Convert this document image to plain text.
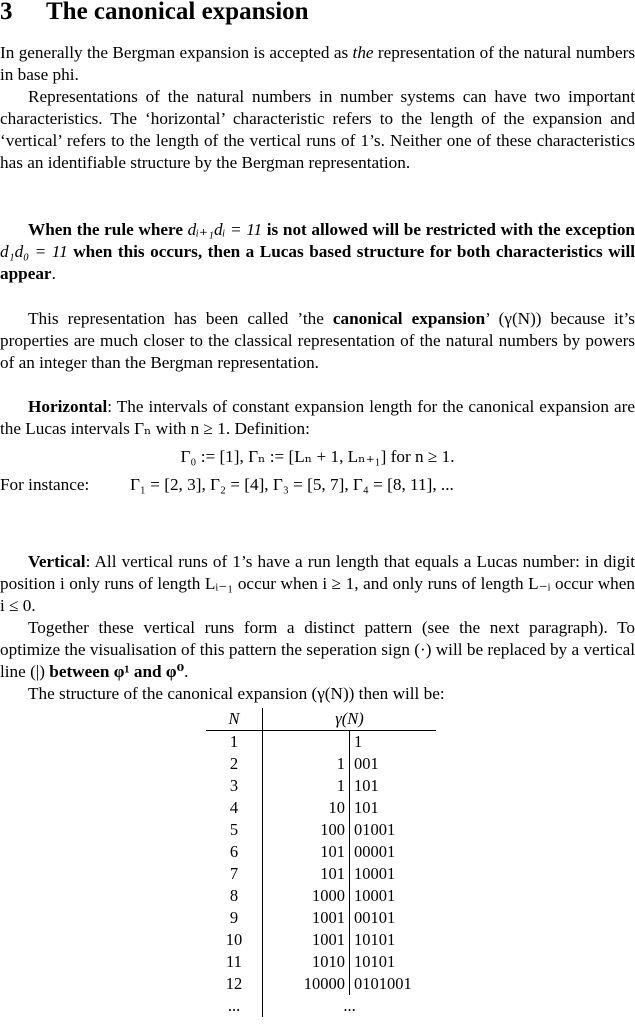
3 The canonical expansion

In generally the Bergman expansion is accepted as the representation of the natural numbers in base phi.

Representations of the natural numbers in number systems can have two important characteristics. The ‘horizontal’ characteristic refers to the length of the expansion and ‘vertical’ refers to the length of the vertical runs of 1’s. Neither one of these characteristics has an identifiable structure by the Bergman representation.

When the rule where dᵢ₊₁dᵢ = 11 is not allowed will be restricted with the exception d₁d₀ = 11 when this occurs, then a Lucas based structure for both characteristics will appear.

This representation has been called ’the canonical expansion’ (γ(N)) because it’s properties are much closer to the classical representation of the natural numbers by powers of an integer than the Bergman representation.

Horizontal: The intervals of constant expansion length for the canonical expansion are the Lucas intervals Γₙ with n ≥ 1. Definition:

Γ₀ := [1], Γₙ := [Lₙ + 1, Lₙ₊₁] for n ≥ 1.

For instance: Γ₁ = [2, 3], Γ₂ = [4], Γ₃ = [5, 7], Γ₄ = [8, 11], ...

Vertical: All vertical runs of 1’s have a run length that equals a Lucas number: in digit position i only runs of length Lᵢ₋₁ occur when i ≥ 1, and only runs of length L₋ᵢ occur when i ≤ 0.

Together these vertical runs form a distinct pattern (see the next paragraph). To optimize the visualisation of this pattern the seperation sign (·) will be replaced by a vertical line (|) between φ¹ and φ⁰.

The structure of the canonical expansion (γ(N)) then will be:

N	γ(N)	
1		1
2	1	001
3	1	101
4	10	101
5	100	01001
6	101	00001
7	101	10001
8	1000	10001
9	1001	00101
10	1001	10101
11	1010	10101
12	10000	0101001
...	...	
